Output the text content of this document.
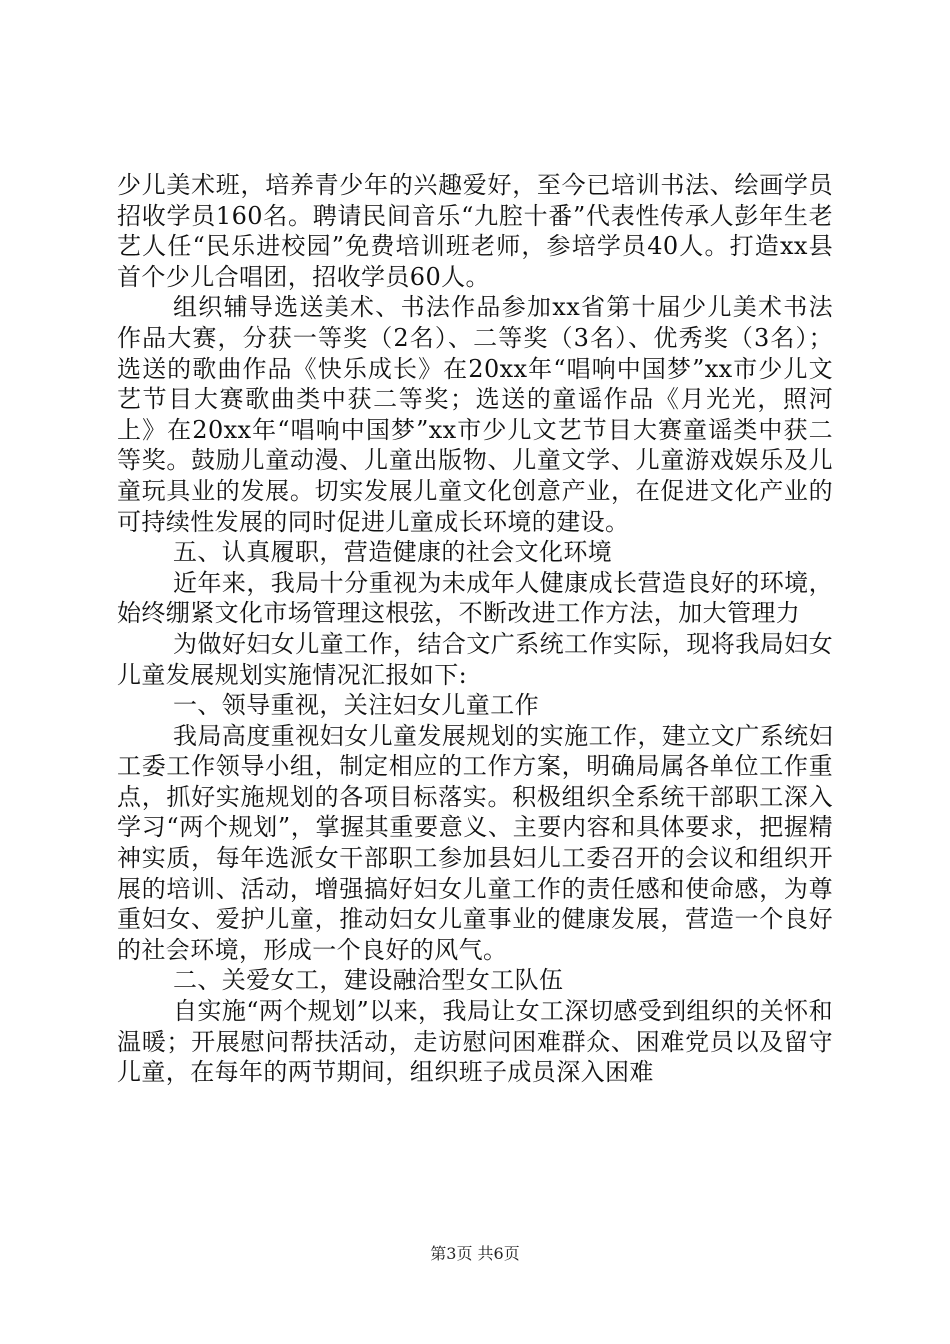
少儿美术班，培养青少年的兴趣爱好，至今已培训书法、绘画学员招收学员160名。聘请民间音乐“九腔十番”代表性传承人彭年生老艺人任“民乐进校园”免费培训班老师，参培学员40人。打造xx县首个少儿合唱团，招收学员60人。

组织辅导选送美术、书法作品参加xx省第十届少儿美术书法作品大赛，分获一等奖（2名）、二等奖（3名）、优秀奖（3名）；选送的歌曲作品《快乐成长》在20xx年“唱响中国梦”xx市少儿文艺节目大赛歌曲类中获二等奖；选送的童谣作品《月光光，照河上》在20xx年“唱响中国梦”xx市少儿文艺节目大赛童谣类中获二等奖。鼓励儿童动漫、儿童出版物、儿童文学、儿童游戏娱乐及儿童玩具业的发展。切实发展儿童文化创意产业，在促进文化产业的可持续性发展的同时促进儿童成长环境的建设。

五、认真履职，营造健康的社会文化环境

近年来，我局十分重视为未成年人健康成长营造良好的环境，始终绷紧文化市场管理这根弦，不断改进工作方法，加大管理力

为做好妇女儿童工作，结合文广系统工作实际，现将我局妇女儿童发展规划实施情况汇报如下:

一、领导重视，关注妇女儿童工作

我局高度重视妇女儿童发展规划的实施工作，建立文广系统妇工委工作领导小组，制定相应的工作方案，明确局属各单位工作重点，抓好实施规划的各项目标落实。积极组织全系统干部职工深入学习“两个规划”，掌握其重要意义、主要内容和具体要求，把握精神实质，每年选派女干部职工参加县妇儿工委召开的会议和组织开展的培训、活动，增强搞好妇女儿童工作的责任感和使命感，为尊重妇女、爱护儿童，推动妇女儿童事业的健康发展，营造一个良好的社会环境，形成一个良好的风气。

二、关爱女工，建设融洽型女工队伍

自实施“两个规划”以来，我局让女工深切感受到组织的关怀和温暖；开展慰问帮扶活动，走访慰问困难群众、困难党员以及留守儿童，在每年的两节期间，组织班子成员深入困难

第3页 共6页
